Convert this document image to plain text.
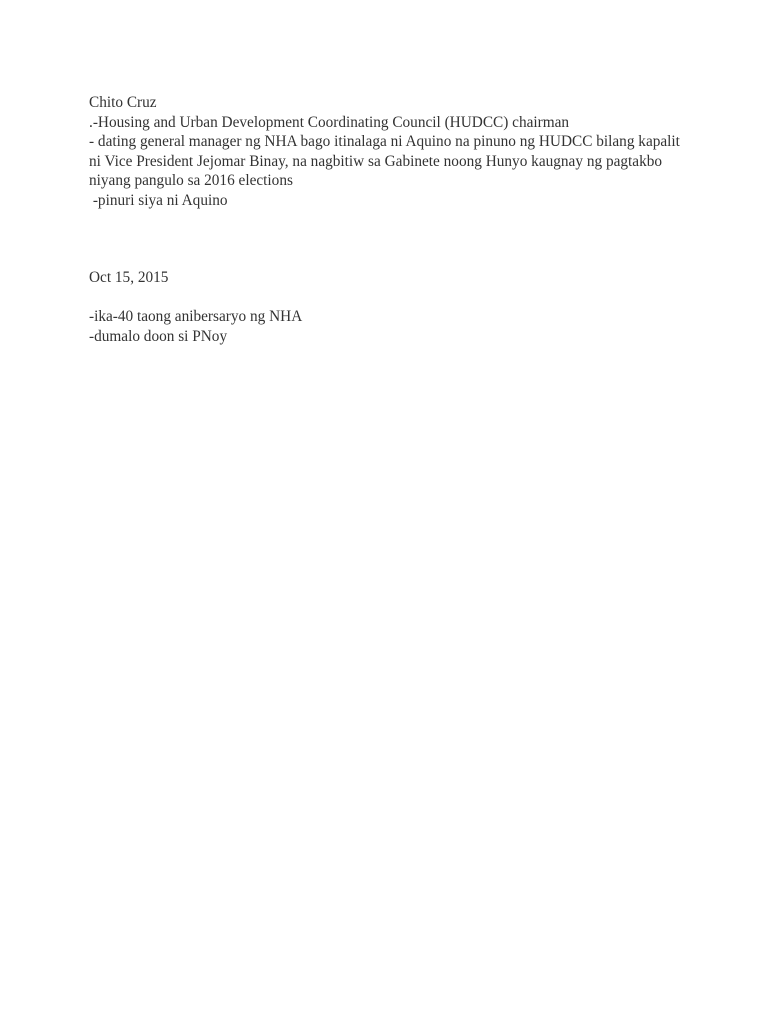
Chito Cruz
.-Housing and Urban Development Coordinating Council (HUDCC) chairman
- dating general manager ng NHA bago itinalaga ni Aquino na pinuno ng HUDCC bilang kapalit ni Vice President Jejomar Binay, na nagbitiw sa Gabinete noong Hunyo kaugnay ng pagtakbo niyang pangulo sa 2016 elections
-pinuri siya ni Aquino
Oct 15, 2015
-ika-40 taong anibersaryo ng NHA
-dumalo doon si PNoy
